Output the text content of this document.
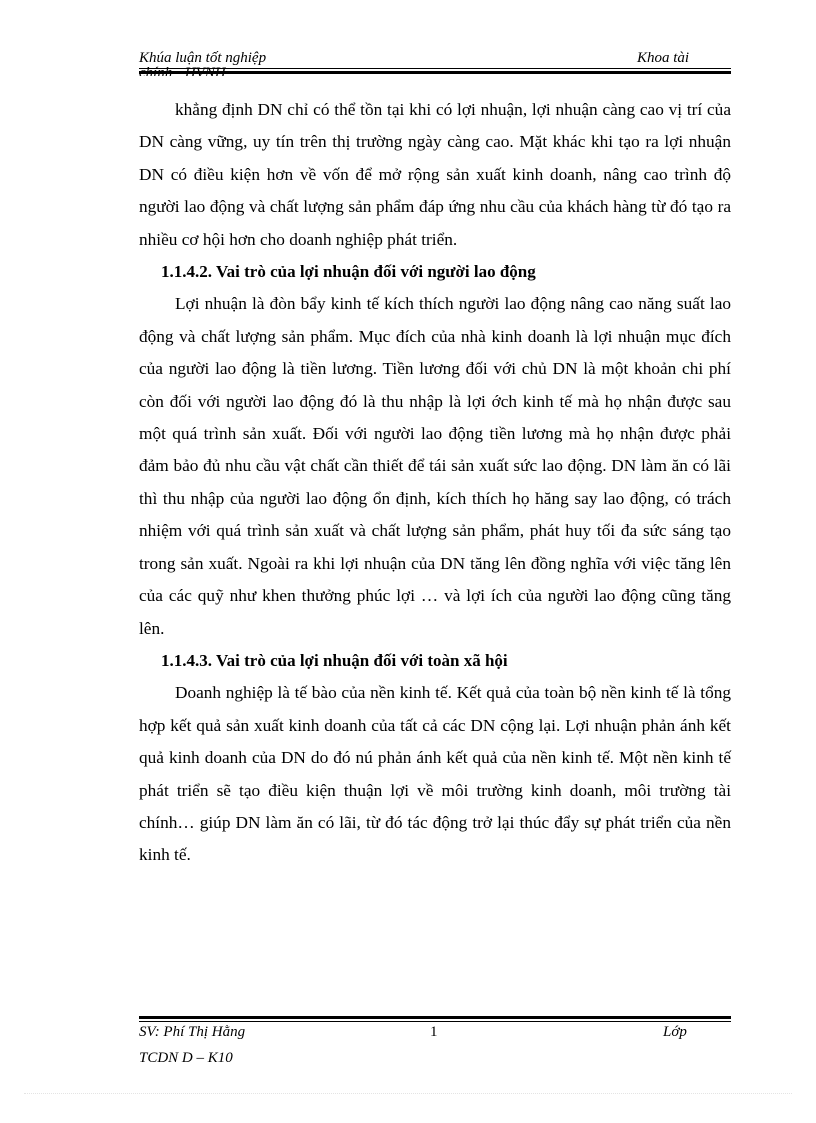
Khúa luận tốt nghiệp
chính - HVNH
Khoa tài

khẳng định DN chỉ có thể tồn tại khi có lợi nhuận, lợi nhuận càng cao vị trí của DN càng vững, uy tín trên thị trường ngày càng cao. Mặt khác khi tạo ra lợi nhuận DN có điều kiện hơn về vốn để mở rộng sản xuất kinh doanh, nâng cao trình độ người lao động và chất lượng sản phẩm đáp ứng nhu cầu của khách hàng từ đó tạo ra nhiều cơ hội hơn cho doanh nghiệp phát triển.

1.1.4.2. Vai trò của lợi nhuận đối với người lao động

Lợi nhuận là đòn bẩy kinh tế kích thích người lao động nâng cao năng suất lao động và chất lượng sản phẩm. Mục đích của nhà kinh doanh là lợi nhuận mục đích của người lao động là tiền lương. Tiền lương đối với chủ DN là một khoản chi phí còn đối với người lao động đó là thu nhập là lợi ớch kinh tế mà họ nhận được sau một quá trình sản xuất. Đối với người lao động tiền lương mà họ nhận được phải đảm bảo đủ nhu cầu vật chất cần thiết để tái sản xuất sức lao động. DN làm ăn có lãi thì thu nhập của người lao động ổn định, kích thích họ hăng say lao động, có trách nhiệm với quá trình sản xuất và chất lượng sản phẩm, phát huy tối đa sức sáng tạo trong sản xuất. Ngoài ra khi lợi nhuận của DN tăng lên đồng nghĩa với việc tăng lên của các quỹ như khen thưởng phúc lợi … và lợi ích của người lao động cũng tăng lên.

1.1.4.3. Vai trò của lợi nhuận đối với toàn xã hội

Doanh nghiệp là tế bào của nền kinh tế. Kết quả của toàn bộ nền kinh tế là tổng hợp kết quả sản xuất kinh doanh của tất cả các DN cộng lại. Lợi nhuận phản ánh kết quả kinh doanh của DN do đó nú phản ánh kết quả của nền kinh tế. Một nền kinh tế phát triển sẽ tạo điều kiện thuận lợi về môi trường kinh doanh, môi trường tài chính… giúp DN làm ăn có lãi, từ đó tác động trở lại thúc đẩy sự phát triển của nền kinh tế.

SV: Phí Thị Hằng	1	Lớp
TCDN D – K10
